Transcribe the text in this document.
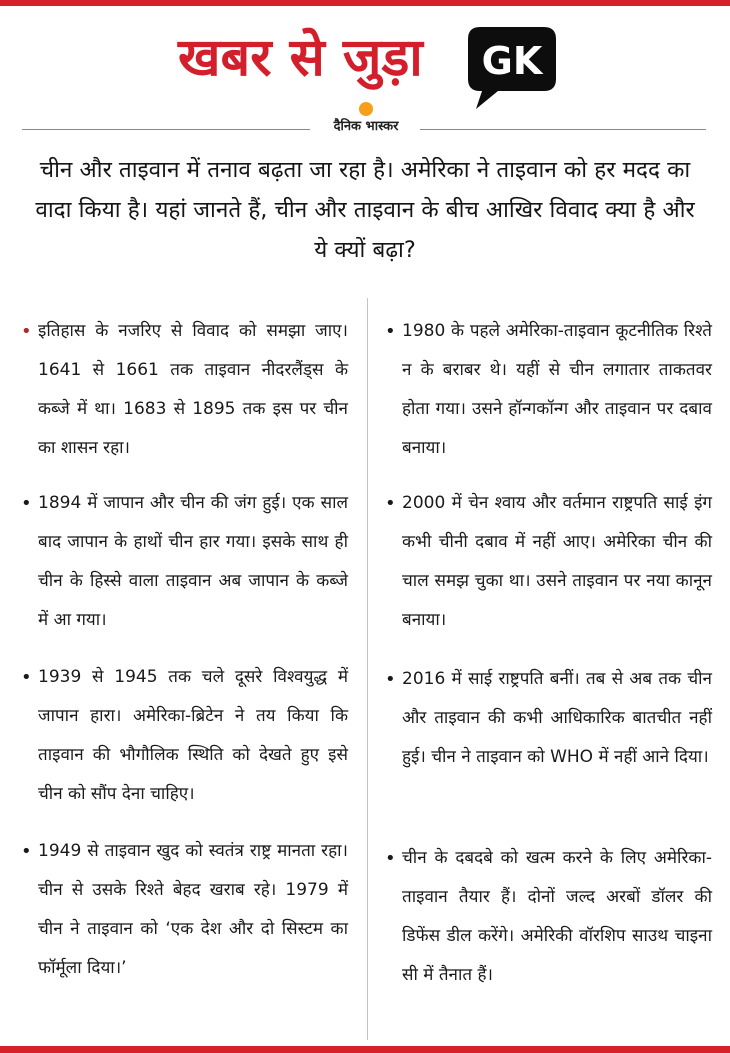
खबर से जुड़ा GK
दैनिक भास्कर
चीन और ताइवान में तनाव बढ़ता जा रहा है। अमेरिका ने ताइवान को हर मदद का वादा किया है। यहां जानते हैं, चीन और ताइवान के बीच आखिर विवाद क्या है और ये क्यों बढ़ा?
• इतिहास के नजरिए से विवाद को समझा जाए। 1641 से 1661 तक ताइवान नीदरलैंड्स के कब्जे में था। 1683 से 1895 तक इस पर चीन का शासन रहा।
• 1894 में जापान और चीन की जंग हुई। एक साल बाद जापान के हाथों चीन हार गया। इसके साथ ही चीन के हिस्से वाला ताइवान अब जापान के कब्जे में आ गया।
• 1939 से 1945 तक चले दूसरे विश्वयुद्ध में जापान हारा। अमेरिका-ब्रिटेन ने तय किया कि ताइवान की भौगौलिक स्थिति को देखते हुए इसे चीन को सौंप देना चाहिए।
• 1949 से ताइवान खुद को स्वतंत्र राष्ट्र मानता रहा। चीन से उसके रिश्ते बेहद खराब रहे। 1979 में चीन ने ताइवान को ‘एक देश और दो सिस्टम का फॉर्मूला दिया।’
• 1980 के पहले अमेरिका-ताइवान कूटनीतिक रिश्ते न के बराबर थे। यहीं से चीन लगातार ताकतवर होता गया। उसने हॉन्गकॉन्ग और ताइवान पर दबाव बनाया।
• 2000 में चेन श्वाय और वर्तमान राष्ट्रपति साई इंग कभी चीनी दबाव में नहीं आए। अमेरिका चीन की चाल समझ चुका था। उसने ताइवान पर नया कानून बनाया।
• 2016 में साई राष्ट्रपति बनीं। तब से अब तक चीन और ताइवान की कभी आधिकारिक बातचीत नहीं हुई। चीन ने ताइवान को WHO में नहीं आने दिया।
• चीन के दबदबे को खत्म करने के लिए अमेरिका-ताइवान तैयार हैं। दोनों जल्द अरबों डॉलर की डिफेंस डील करेंगे। अमेरिकी वॉरशिप साउथ चाइना सी में तैनात हैं।
